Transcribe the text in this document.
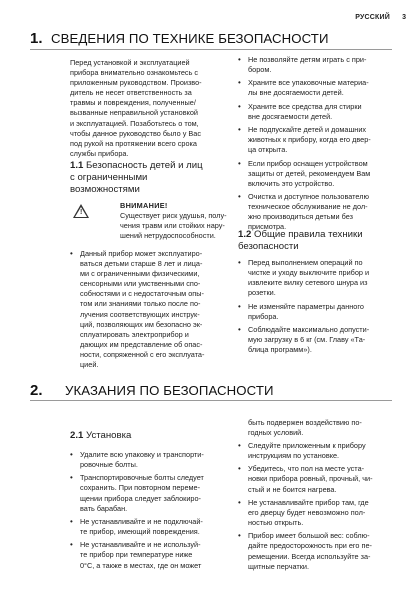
РУССКИЙ 3
1. СВЕДЕНИЯ ПО ТЕХНИКЕ БЕЗОПАСНОСТИ
Перед установкой и эксплуатацией
прибора внимательно ознакомьтесь с
приложенным руководством. Произво-
дитель не несет ответственность за
травмы и повреждения, полученные/
вызванные неправильной установкой
и эксплуатацией. Позаботьтесь о том,
чтобы данное руководство было у Вас
под рукой на протяжении всего срока
службы прибора.
1.1 Безопасность детей и лиц
с ограниченными
возможностями
!
ВНИМАНИЕ!
Существует риск удушья, полу-
чения травм или стойких нару-
шений нетрудоспособности.
• Данный прибор может эксплуатиро-
ваться детьми старше 8 лет и лица-
ми с ограниченными физическими,
сенсорными или умственными спо-
собностями и с недостаточным опы-
том или знаниями только после по-
лучения соответствующих инструк-
ций, позволяющих им безопасно эк-
сплуатировать электроприбор и
дающих им представление об опас-
ности, сопряженной с его эксплуата-
цией.
• Не позволяйте детям играть с при-
бором.
• Храните все упаковочные материа-
лы вне досягаемости детей.
• Храните все средства для стирки
вне досягаемости детей.
• Не подпускайте детей и домашних
животных к прибору, когда его двер-
ца открыта.
• Если прибор оснащен устройством
защиты от детей, рекомендуем Вам
включить это устройство.
• Очистка и доступное пользователю
техническое обслуживание не дол-
жно производиться детьми без
присмотра.
1.2 Общие правила техники
безопасности
• Перед выполнением операций по
чистке и уходу выключите прибор и
извлеките вилку сетевого шнура из
розетки.
• Не изменяйте параметры данного
прибора.
• Соблюдайте максимально допусти-
мую загрузку в 6 кг (см. Главу «Та-
блица программ»).
2. УКАЗАНИЯ ПО БЕЗОПАСНОСТИ
2.1 Установка
• Удалите всю упаковку и транспорти-
ровочные болты.
• Транспортировочные болты следует
сохранить. При повторном переме-
щении прибора следует заблокиро-
вать барабан.
• Не устанавливайте и не подключай-
те прибор, имеющий повреждения.
• Не устанавливайте и не используй-
те прибор при температуре ниже
0°C, а также в местах, где он может
быть подвержен воздействию по-
годных условий.
• Следуйте приложенным к прибору
инструкциям по установке.
• Убедитесь, что пол на месте уста-
новки прибора ровный, прочный, чи-
стый и не боится нагрева.
• Не устанавливайте прибор там, где
его дверцу будет невозможно пол-
ностью открыть.
• Прибор имеет большой вес: соблю-
дайте предосторожность при его пе-
ремещении. Всегда используйте за-
щитные перчатки.
